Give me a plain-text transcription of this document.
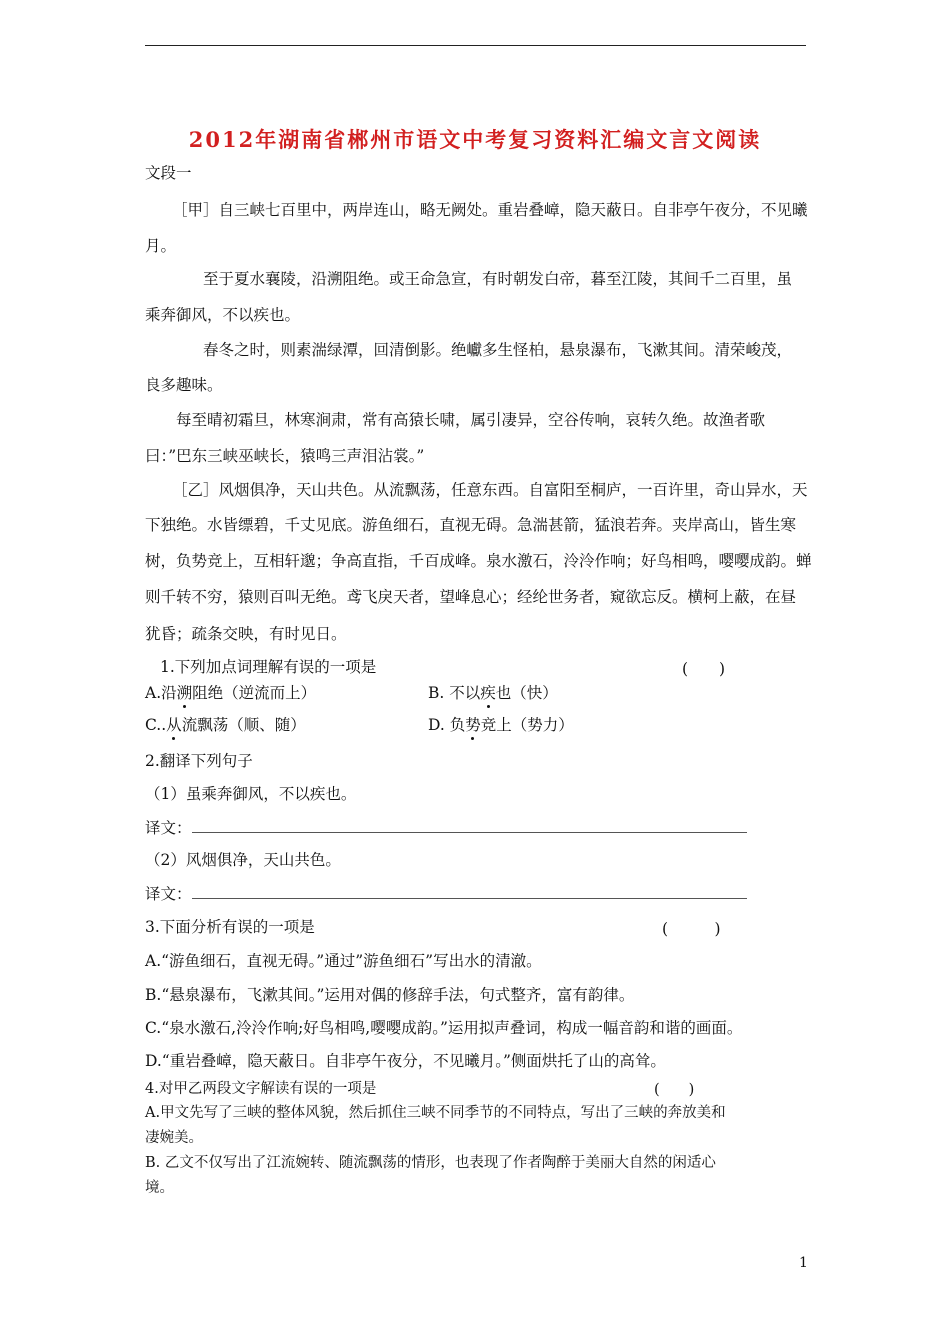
2012年湖南省郴州市语文中考复习资料汇编文言文阅读
文段一
［甲］自三峡七百里中，两岸连山，略无阙处。重岩叠嶂，隐天蔽日。自非亭午夜分，不见曦
月。
至于夏水襄陵，沿溯阻绝。或王命急宣，有时朝发白帝，暮至江陵，其间千二百里，虽
乘奔御风，不以疾也。
春冬之时，则素湍绿潭，回清倒影。绝巘多生怪柏，悬泉瀑布，飞漱其间。清荣峻茂，
良多趣味。
每至晴初霜旦，林寒涧肃，常有高猿长啸，属引凄异，空谷传响，哀转久绝。故渔者歌
曰：”巴东三峡巫峡长，猿鸣三声泪沾裳。”
［乙］风烟俱净，天山共色。从流飘荡，任意东西。自富阳至桐庐，一百许里，奇山异水，天
下独绝。水皆缥碧，千丈见底。游鱼细石，直视无碍。急湍甚箭，猛浪若奔。夹岸高山，皆生寒
树，负势竞上，互相轩邈；争高直指，千百成峰。泉水激石，泠泠作响；好鸟相鸣，嘤嘤成韵。蝉
则千转不穷，猿则百叫无绝。鸢飞戾天者，望峰息心；经纶世务者，窥欲忘反。横柯上蔽，在昼
犹昏；疏条交映，有时见日。
1.下列加点词理解有误的一项是	(　　)
A.沿溯阻绝（逆流而上）	B. 不以疾也（快）
C..从流飘荡（顺、随）	D. 负势竞上（势力）
2.翻译下列句子
（1）虽乘奔御风，不以疾也。
译文：
（2）风烟俱净，天山共色。
译文：
3.下面分析有误的一项是	(　　　)
A.“游鱼细石，直视无碍。”通过”游鱼细石”写出水的清澈。
B.“悬泉瀑布，飞漱其间。”运用对偶的修辞手法，句式整齐，富有韵律。
C.“泉水激石,泠泠作响;好鸟相鸣,嘤嘤成韵。”运用拟声叠词，构成一幅音韵和谐的画面。
D.“重岩叠嶂，隐天蔽日。自非亭午夜分，不见曦月。”侧面烘托了山的高耸。
4.对甲乙两段文字解读有误的一项是	(　　)
A.甲文先写了三峡的整体风貌，然后抓住三峡不同季节的不同特点，写出了三峡的奔放美和
凄婉美。
B. 乙文不仅写出了江流婉转、随流飘荡的情形，也表现了作者陶醉于美丽大自然的闲适心
境。
1
